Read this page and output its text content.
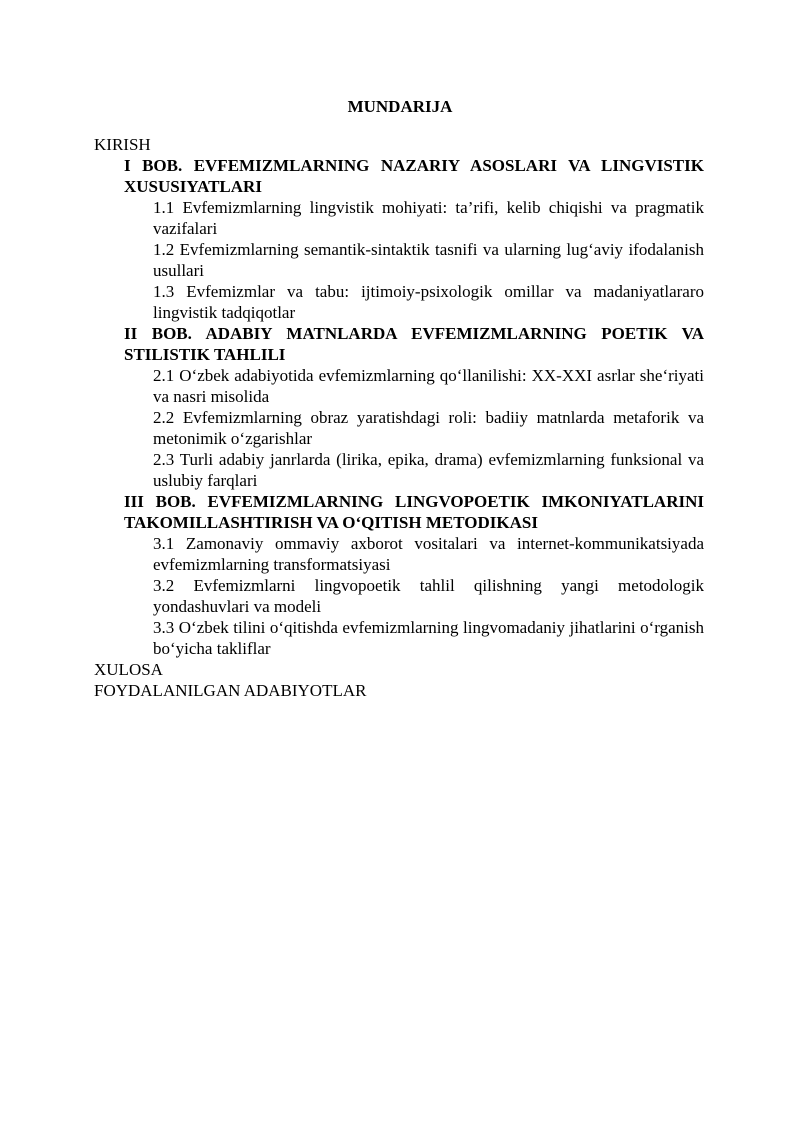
MUNDARIJA

KIRISH

I BOB. EVFEMIZMLARNING NAZARIY ASOSLARI VA LINGVISTIK XUSUSIYATLARI

1.1 Evfemizmlarning lingvistik mohiyati: ta’rifi, kelib chiqishi va pragmatik vazifalari

1.2 Evfemizmlarning semantik-sintaktik tasnifi va ularning lug‘aviy ifodalanish usullari

1.3 Evfemizmlar va tabu: ijtimoiy-psixologik omillar va madaniyatlararo lingvistik tadqiqotlar

II BOB. ADABIY MATNLARDA EVFEMIZMLARNING POETIK VA STILISTIK TAHLILI

2.1 O‘zbek adabiyotida evfemizmlarning qo‘llanilishi: XX-XXI asrlar she‘riyati va nasri misolida

2.2 Evfemizmlarning obraz yaratishdagi roli: badiiy matnlarda metaforik va metonimik o‘zgarishlar

2.3 Turli adabiy janrlarda (lirika, epika, drama) evfemizmlarning funksional va uslubiy farqlari

III BOB. EVFEMIZMLARNING LINGVOPOETIK IMKONIYATLARINI TAKOMILLASHTIRISH VA O‘QITISH METODIKASI

3.1 Zamonaviy ommaviy axborot vositalari va internet-kommunikatsiyada evfemizmlarning transformatsiyasi

3.2 Evfemizmlarni lingvopoetik tahlil qilishning yangi metodologik yondashuvlari va modeli

3.3 O‘zbek tilini o‘qitishda evfemizmlarning lingvomadaniy jihatlarini o‘rganish bo‘yicha takliflar

XULOSA

FOYDALANILGAN ADABIYOTLAR
